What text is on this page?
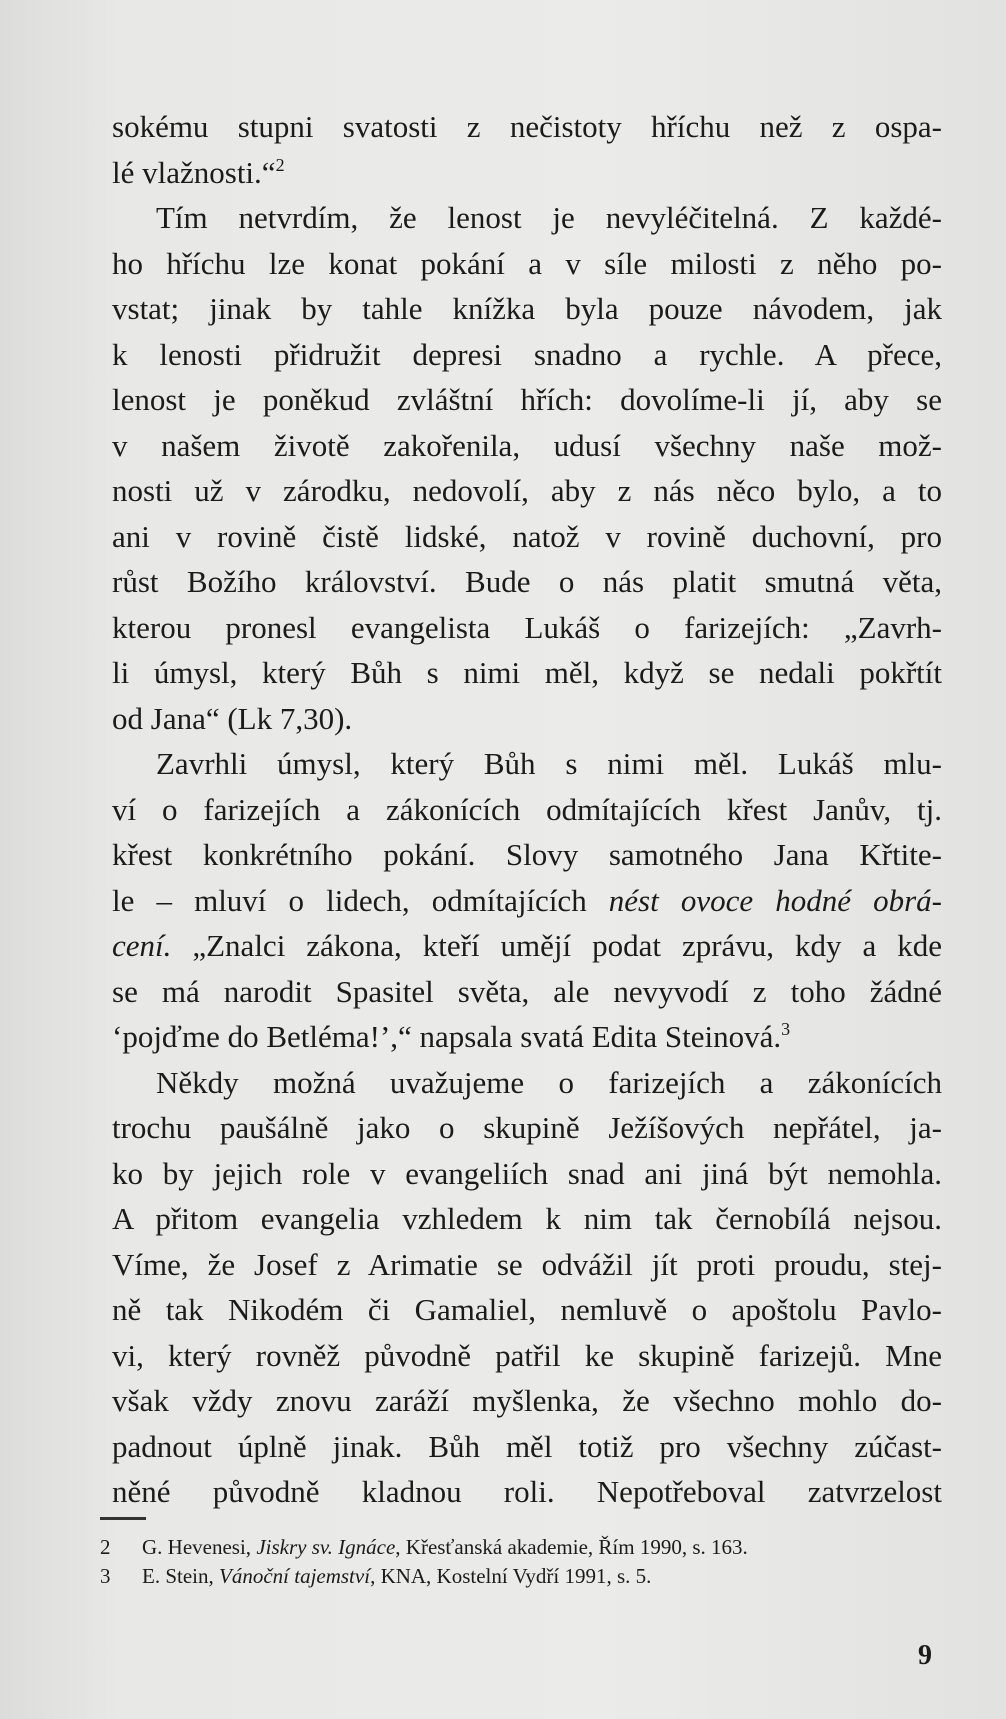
sokému stupni svatosti z nečistoty hříchu než z ospa-
lé vlažnosti.“$^2$
Tím netvrdím, že lenost je nevyléčitelná. Z každé-
ho hříchu lze konat pokání a v síle milosti z něho po-
vstat; jinak by tahle knížka byla pouze návodem, jak
k lenosti přidružit depresi snadno a rychle. A přece,
lenost je poněkud zvláštní hřích: dovolíme-li jí, aby se
v našem životě zakořenila, udusí všechny naše mož-
nosti už v zárodku, nedovolí, aby z nás něco bylo, a to
ani v rovině čistě lidské, natož v rovině duchovní, pro
růst Božího království. Bude o nás platit smutná věta,
kterou pronesl evangelista Lukáš o farizejích: „Zavrh-
li úmysl, který Bůh s nimi měl, když se nedali pokřtít
od Jana“ (Lk 7,30).
Zavrhli úmysl, který Bůh s nimi měl. Lukáš mlu-
ví o farizejích a zákonících odmítajících křest Janův, tj.
křest konkrétního pokání. Slovy samotného Jana Křtite-
le – mluví o lidech, odmítajících nést ovoce hodné obrá-
cení. „Znalci zákona, kteří umějí podat zprávu, kdy a kde
se má narodit Spasitel světa, ale nevyvodí z toho žádné
‘pojďme do Betléma!’,“ napsala svatá Edita Steinová.$^3$
Někdy možná uvažujeme o farizejích a zákonících
trochu paušálně jako o skupině Ježíšových nepřátel, ja-
ko by jejich role v evangeliích snad ani jiná být nemohla.
A přitom evangelia vzhledem k nim tak černobílá nejsou.
Víme, že Josef z Arimatie se odvážil jít proti proudu, stej-
ně tak Nikodém či Gamaliel, nemluvě o apoštolu Pavlo-
vi, který rovněž původně patřil ke skupině farizejů. Mne
však vždy znovu zaráží myšlenka, že všechno mohlo do-
padnout úplně jinak. Bůh měl totiž pro všechny zúčast-
něné původně kladnou roli. Nepotřeboval zatvrzelost
2 G. Hevenesi, Jiskry sv. Ignáce, Křesťanská akademie, Řím 1990, s. 163.
3 E. Stein, Vánoční tajemství, KNA, Kostelní Vydří 1991, s. 5.
9
